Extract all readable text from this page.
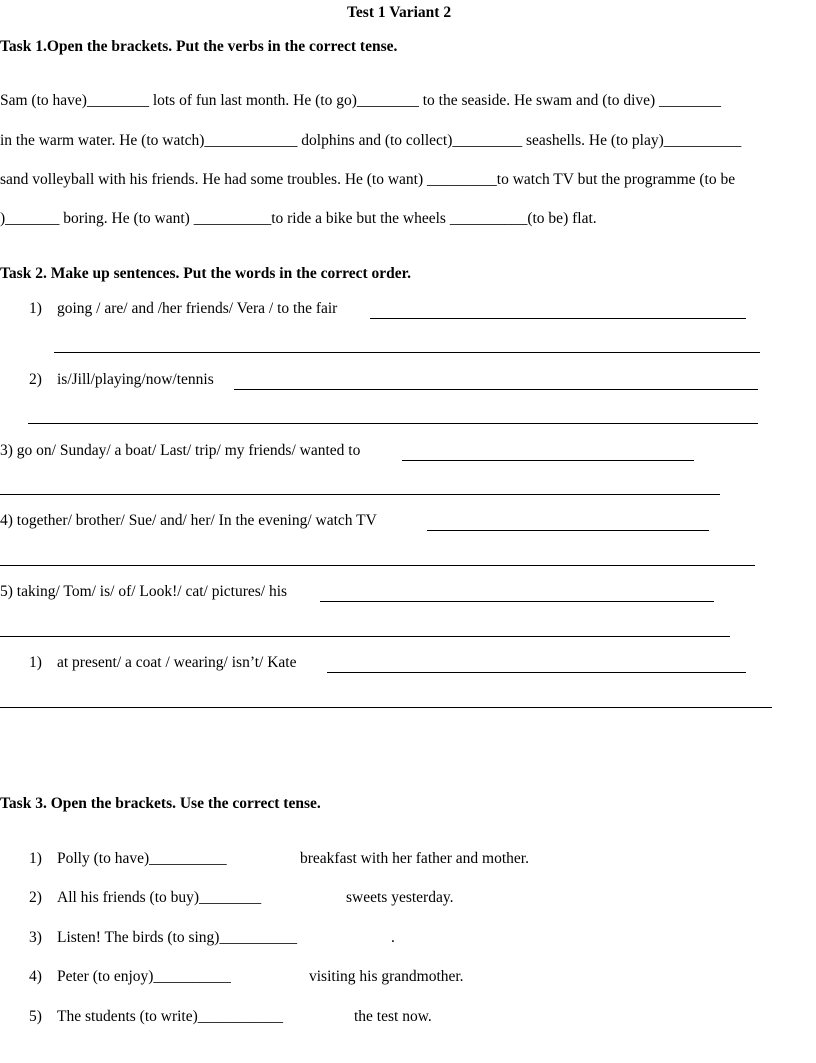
Test 1 Variant 2
Task 1.Open the brackets. Put the verbs in the correct tense.
Sam (to have)________ lots of fun last month. He (to go)________ to the seaside. He swam and (to dive) ________
in the warm water. He (to watch)____________ dolphins and (to collect)_________ seashells. He (to play)__________
sand volleyball with his friends. He had some troubles. He (to want) _________to watch TV but the programme (to be
)_______ boring. He (to want) __________to ride a bike but the wheels __________(to be) flat.
Task 2. Make up sentences. Put the words in the correct order.
1) going / are/ and /her friends/ Vera / to the fair
2) is/Jill/playing/now/tennis
3) go on/ Sunday/ a boat/ Last/ trip/ my friends/ wanted to
4) together/ brother/ Sue/ and/ her/ In the evening/ watch TV
5) taking/ Tom/ is/ of/ Look!/ cat/ pictures/ his
1) at present/ a coat / wearing/ isn’t/ Kate
Task 3. Open the brackets. Use the correct tense.
1) Polly (to have)__________	breakfast with her father and mother.
2) All his friends (to buy)________	sweets yesterday.
3) Listen! The birds (to sing)__________	.
4) Peter (to enjoy)__________	visiting his grandmother.
5) The students (to write)___________	the test now.
